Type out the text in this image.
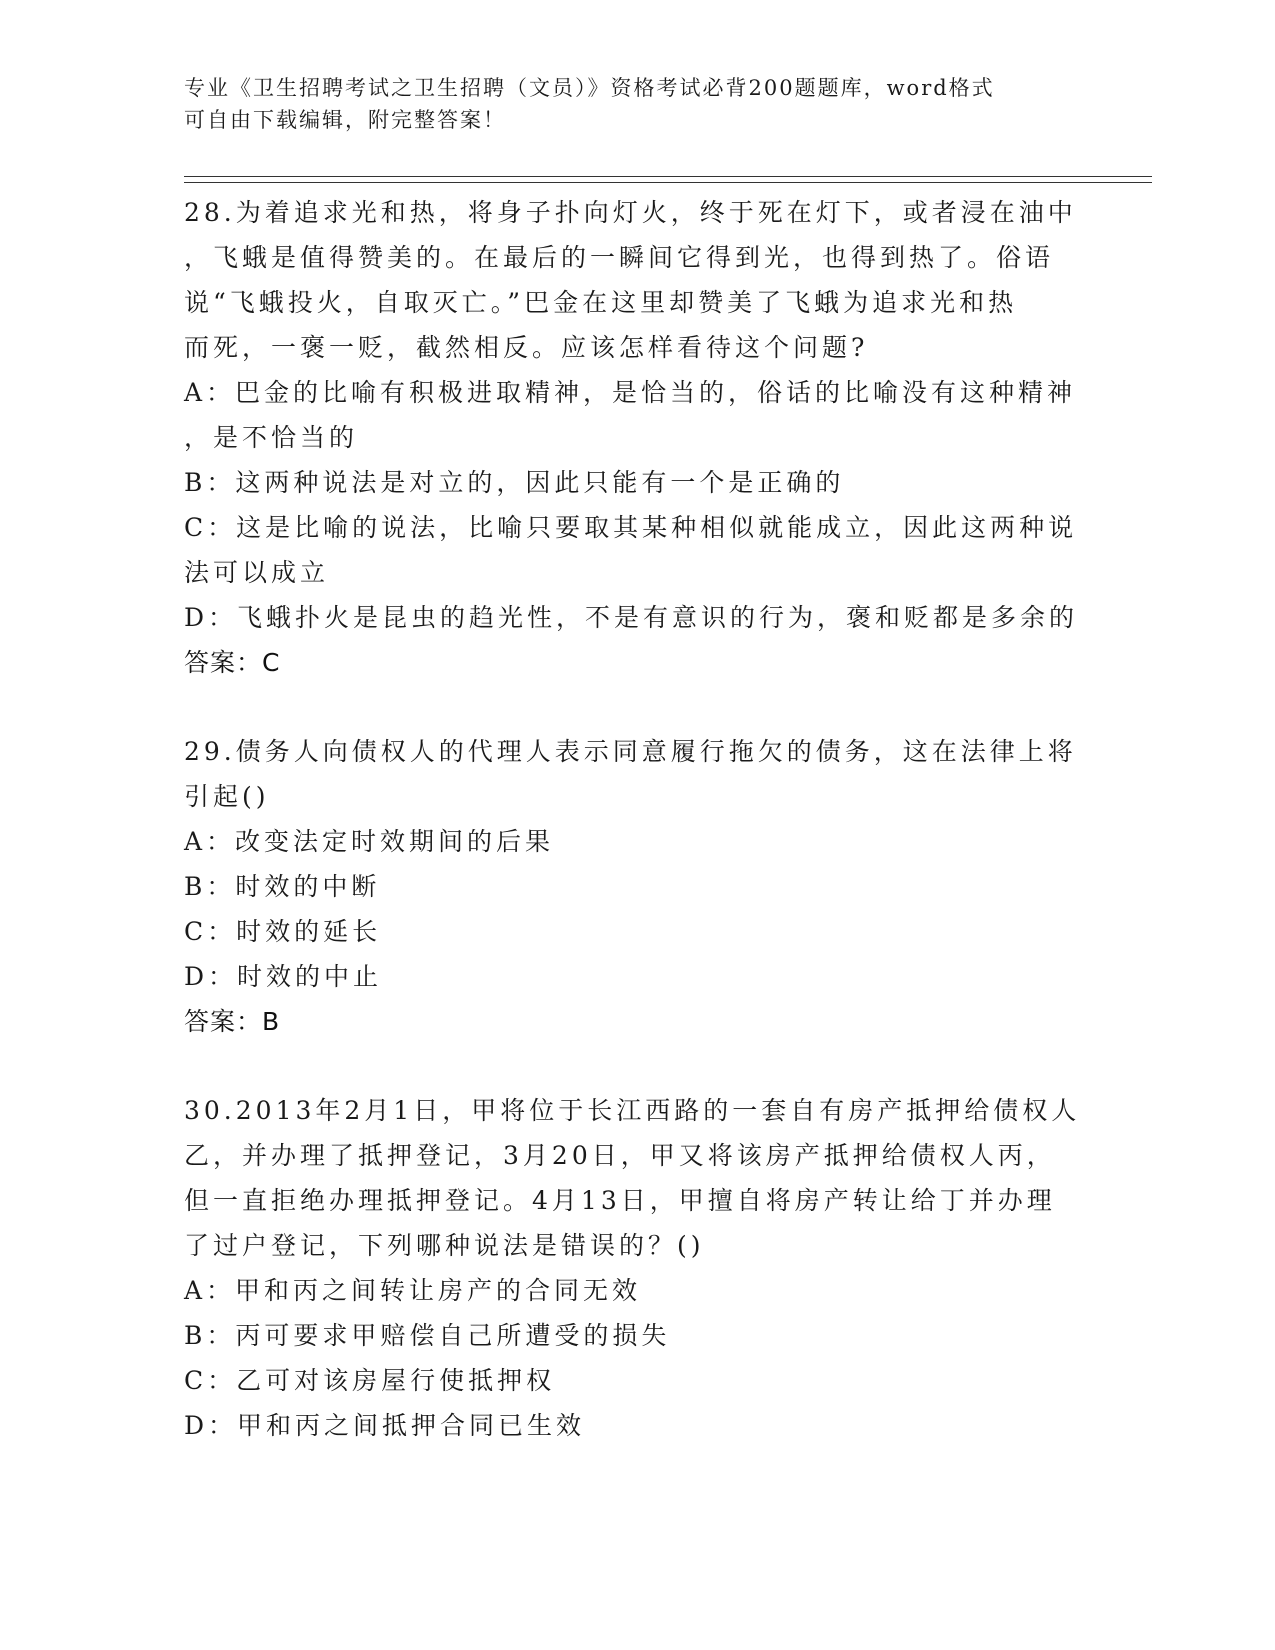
专业《卫生招聘考试之卫生招聘（文员）》资格考试必背200题题库，word格式
可自由下载编辑，附完整答案！

28.为着追求光和热，将身子扑向灯火，终于死在灯下，或者浸在油中

，飞蛾是值得赞美的。在最后的一瞬间它得到光，也得到热了。俗语

说“飞蛾投火，自取灭亡。”巴金在这里却赞美了飞蛾为追求光和热

而死，一褒一贬，截然相反。应该怎样看待这个问题?

A：巴金的比喻有积极进取精神，是恰当的，俗话的比喻没有这种精神

，是不恰当的

B：这两种说法是对立的，因此只能有一个是正确的

C：这是比喻的说法，比喻只要取其某种相似就能成立，因此这两种说

法可以成立

D：飞蛾扑火是昆虫的趋光性，不是有意识的行为，褒和贬都是多余的

答案：C

29.债务人向债权人的代理人表示同意履行拖欠的债务，这在法律上将

引起()

A：改变法定时效期间的后果

B：时效的中断

C：时效的延长

D：时效的中止

答案：B

30.2013年2月1日，甲将位于长江西路的一套自有房产抵押给债权人

乙，并办理了抵押登记，3月20日，甲又将该房产抵押给债权人丙，

但一直拒绝办理抵押登记。4月13日，甲擅自将房产转让给丁并办理

了过户登记，下列哪种说法是错误的？()

A：甲和丙之间转让房产的合同无效

B：丙可要求甲赔偿自己所遭受的损失

C：乙可对该房屋行使抵押权

D：甲和丙之间抵押合同已生效
